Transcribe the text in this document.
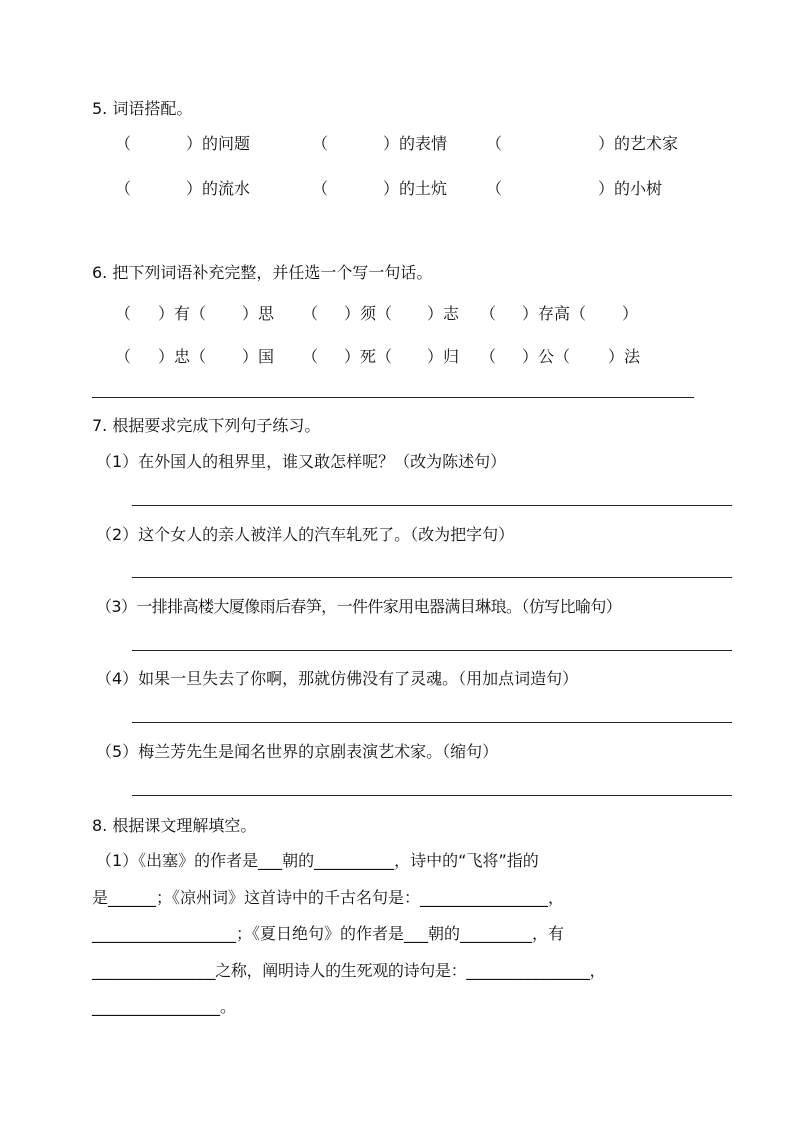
5. 词语搭配。
（	）的问题	（	）的表情 （	）的艺术家
（	）的流水	（	）的土炕 （	）的小树
6. 把下列词语补充完整，并任选一个写一句话。
（ ）有（ ）思 （ ）须（ ）志 （ ）存高（ ）
（ ）忠（ ）国 （ ）死（ ）归 （ ）公（ ）法
7. 根据要求完成下列句子练习。
（1）在外国人的租界里，谁又敢怎样呢？（改为陈述句）
（2）这个女人的亲人被洋人的汽车轧死了。（改为把字句）
（3）一排排高楼大厦像雨后春笋，一件件家用电器满目琳琅。（仿写比喻句）
（4）如果一旦失去了你啊，那就仿佛没有了灵魂。（用加点词造句）
（5）梅兰芳先生是闻名世界的京剧表演艺术家。（缩句）
8. 根据课文理解填空。
（1）《出塞》的作者是___朝的__________，诗中的“飞将”指的
是______；《凉州词》这首诗中的千古名句是：________________，
__________________；《夏日绝句》的作者是___朝的_________，有
________________之称，阐明诗人的生死观的诗句是：________________，
________________。
